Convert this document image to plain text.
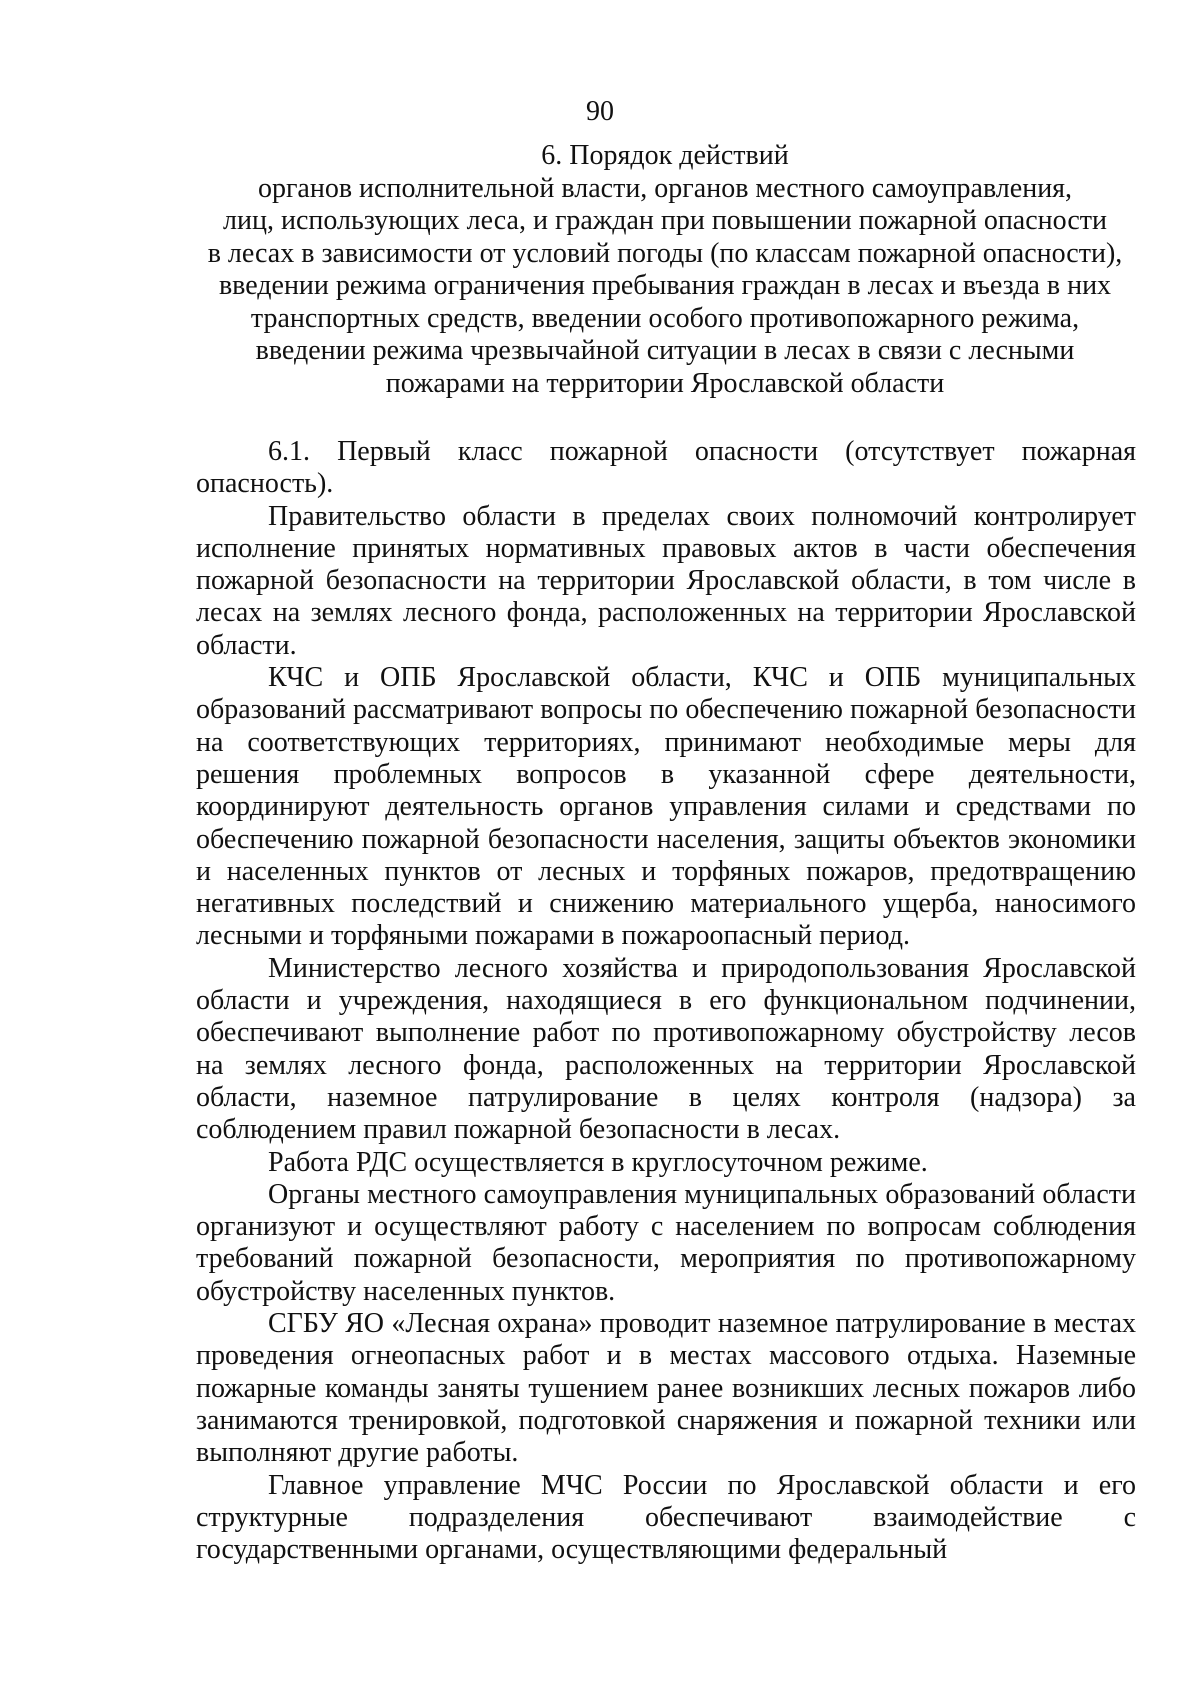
90
6. Порядок действий
органов исполнительной власти, органов местного самоуправления,
лиц, использующих леса, и граждан при повышении пожарной опасности
в лесах в зависимости от условий погоды (по классам пожарной опасности),
введении режима ограничения пребывания граждан в лесах и въезда в них
транспортных средств, введении особого противопожарного режима,
введении режима чрезвычайной ситуации в лесах в связи с лесными
пожарами на территории Ярославской области

6.1. Первый класс пожарной опасности (отсутствует пожарная опасность).

Правительство области в пределах своих полномочий контролирует исполнение принятых нормативных правовых актов в части обеспечения пожарной безопасности на территории Ярославской области, в том числе в лесах на землях лесного фонда, расположенных на территории Ярославской области.

КЧС и ОПБ Ярославской области, КЧС и ОПБ муниципальных образований рассматривают вопросы по обеспечению пожарной безопасности на соответствующих территориях, принимают необходимые меры для решения проблемных вопросов в указанной сфере деятельности, координируют деятельность органов управления силами и средствами по обеспечению пожарной безопасности населения, защиты объектов экономики и населенных пунктов от лесных и торфяных пожаров, предотвращению негативных последствий и снижению материального ущерба, наносимого лесными и торфяными пожарами в пожароопасный период.

Министерство лесного хозяйства и природопользования Ярославской области и учреждения, находящиеся в его функциональном подчинении, обеспечивают выполнение работ по противопожарному обустройству лесов на землях лесного фонда, расположенных на территории Ярославской области, наземное патрулирование в целях контроля (надзора) за соблюдением правил пожарной безопасности в лесах.

Работа РДС осуществляется в круглосуточном режиме.

Органы местного самоуправления муниципальных образований области организуют и осуществляют работу с населением по вопросам соблюдения требований пожарной безопасности, мероприятия по противопожарному обустройству населенных пунктов.

СГБУ ЯО «Лесная охрана» проводит наземное патрулирование в местах проведения огнеопасных работ и в местах массового отдыха. Наземные пожарные команды заняты тушением ранее возникших лесных пожаров либо занимаются тренировкой, подготовкой снаряжения и пожарной техники или выполняют другие работы.

Главное управление МЧС России по Ярославской области и его структурные подразделения обеспечивают взаимодействие с государственными органами, осуществляющими федеральный
